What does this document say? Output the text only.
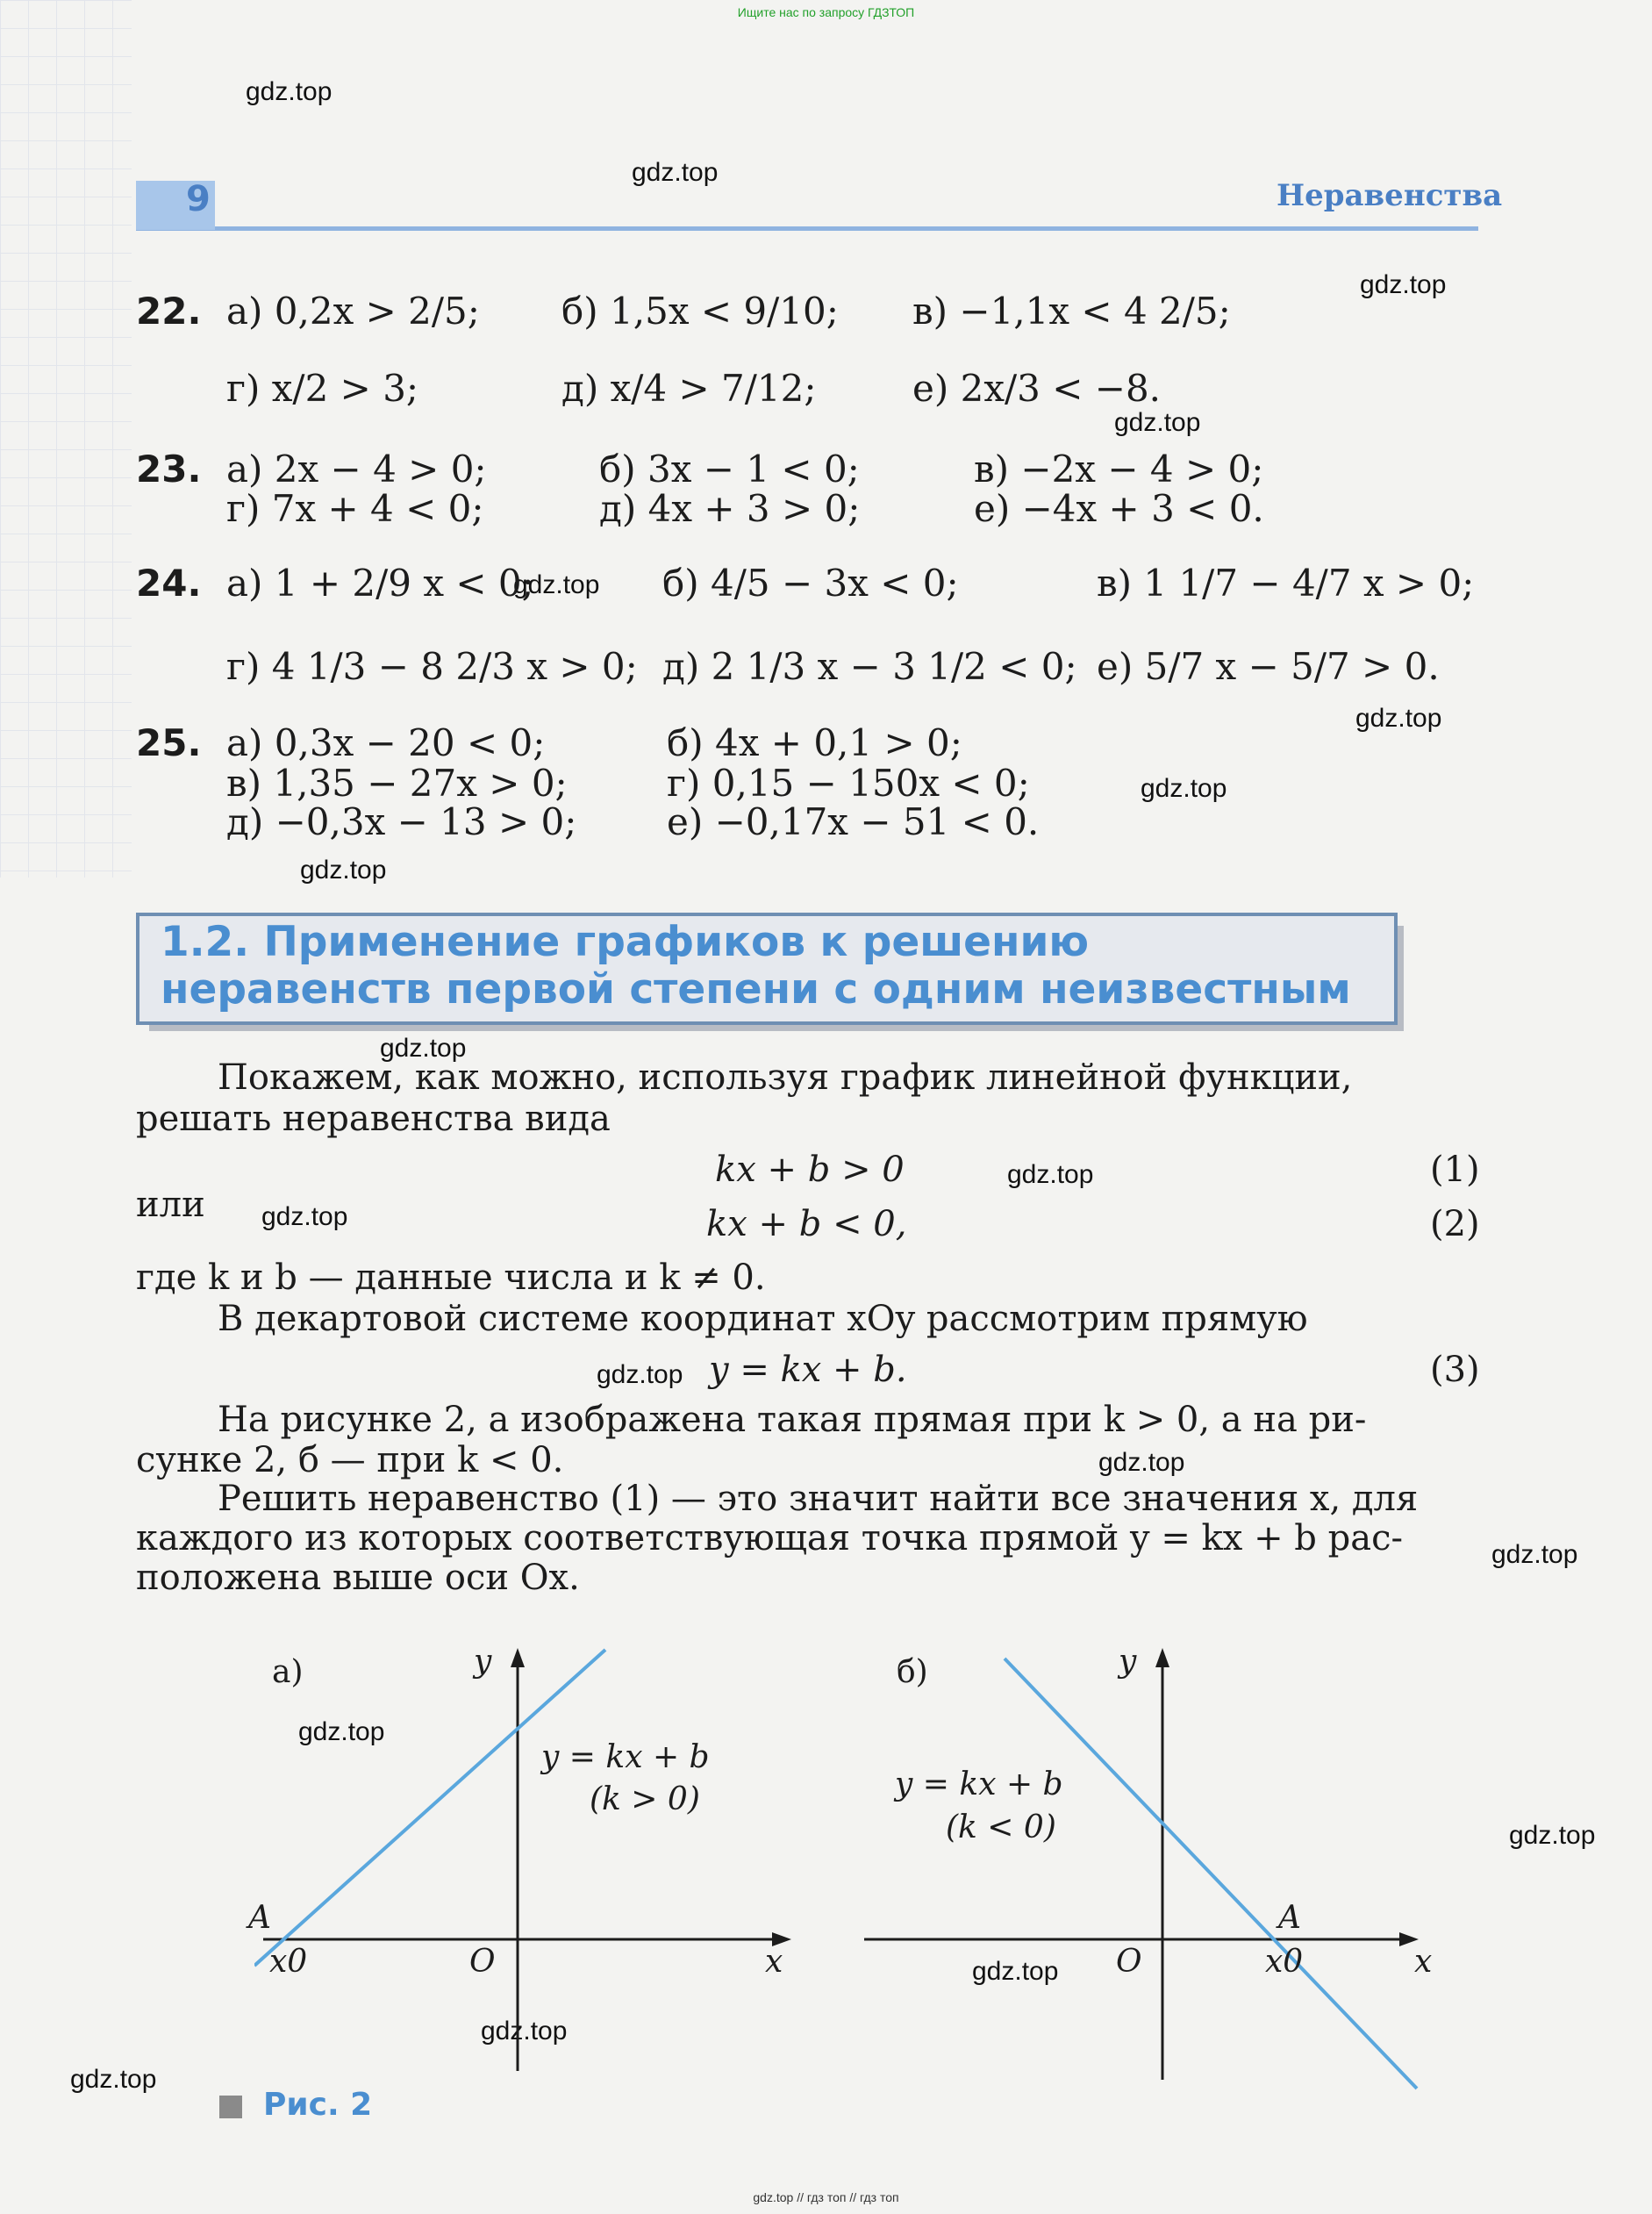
Ищите нас по запросу ГДЗТОП
gdz.top
gdz.top
gdz.top
gdz.top
gdz.top
gdz.top
gdz.top
gdz.top
gdz.top
gdz.top
gdz.top
gdz.top
gdz.top
gdz.top
gdz.top
gdz.top
gdz.top
gdz.top
gdz.top
9	Неравенства
22. а) 0,2x > 2/5; б) 1,5x < 9/10; в) −1,1x < 4 2/5;
г) x/2 > 3;	д) x/4 > 7/12;	е) 2x/3 < −8.
23. а) 2x − 4 > 0;	б) 3x − 1 < 0;	в) −2x − 4 > 0;
г) 7x + 4 < 0;	д) 4x + 3 > 0;	е) −4x + 3 < 0.
24. а) 1 + 2/9 x < 0;	б) 4/5 − 3x < 0;	в) 1 1/7 − 4/7 x > 0;
г) 4 1/3 − 8 2/3 x > 0; д) 2 1/3 x − 3 1/2 < 0; е) 5/7 x − 5/7 > 0.
25. а) 0,3x − 20 < 0;	б) 4x + 0,1 > 0;
в) 1,35 − 27x > 0;	г) 0,15 − 150x < 0;
д) −0,3x − 13 > 0; е) −0,17x − 51 < 0.
1.2. Применение графиков к решению
неравенств первой степени с одним неизвестным
Покажем, как можно, используя график линейной функции,
решать неравенства вида
kx + b > 0	(1)
или	kx + b < 0,	(2)
где k и b — данные числа и k ≠ 0.
В декартовой системе координат xOy рассмотрим прямую
y = kx + b.	(3)
На рисунке 2, а изображена такая прямая при k > 0, а на ри-
сунке 2, б — при k < 0.
Решить неравенство (1) — это значит найти все значения x, для
каждого из которых соответствующая точка прямой y = kx + b рас-
положена выше оси Ox.
а)	y
y = kx + b
(k > 0)
A
x0	O	x
б)	y
y = kx + b
(k < 0)
A
x0
O	x
Рис. 2
gdz.top // гдз топ // гдз топ
